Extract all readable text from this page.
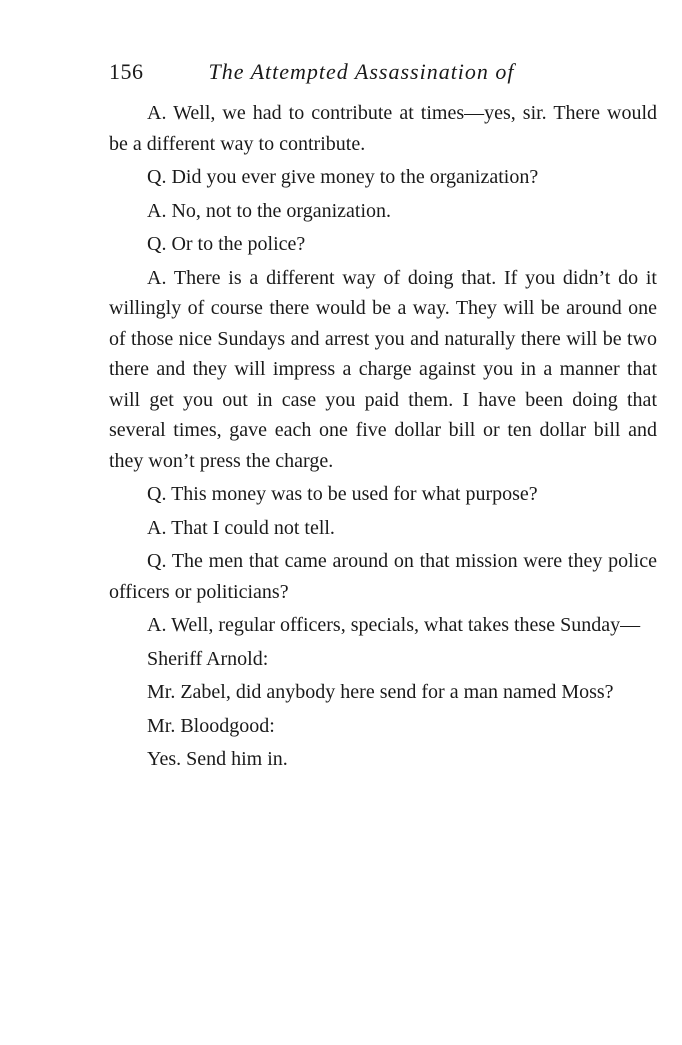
156	The Attempted Assassination of

A. Well, we had to contribute at times—yes, sir. There would be a different way to contribute.

Q. Did you ever give money to the organization?

A. No, not to the organization.

Q. Or to the police?

A. There is a different way of doing that. If you didn’t do it willingly of course there would be a way. They will be around one of those nice Sundays and arrest you and naturally there will be two there and they will impress a charge against you in a manner that will get you out in case you paid them. I have been doing that several times, gave each one five dollar bill or ten dollar bill and they won’t press the charge.

Q. This money was to be used for what purpose?

A. That I could not tell.

Q. The men that came around on that mission were they police officers or politicians?

A. Well, regular officers, specials, what takes these Sunday—

Sheriff Arnold:

Mr. Zabel, did anybody here send for a man named Moss?

Mr. Bloodgood:

Yes. Send him in.
